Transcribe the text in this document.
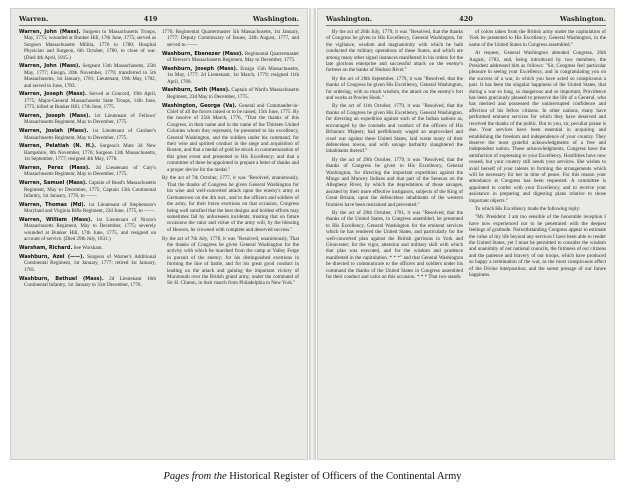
Warren.	419	Washington.

Warren, John (Mass). Surgeon to Massachusetts Troops, May, 1775; wounded at Bunker Hill, 17th June, 1775; served as Surgeon Massachusetts Militia, 1776 to 1780; Hospital Physician and Surgeon, 6th October, 1780, to close of war. (Died 4th April, 1815.)

Warren, John (Mass). Sergeant 13th Massachusetts, 25th May, 1777; Ensign, 20th November, 1779; transferred to 5th Massachusetts, 1st January, 1781; Lieutenant, 19th May, 1782, and served to June, 1783.

Warren, Joseph (Mass). Served at Concord, 19th April, 1775; Major-General Massachusetts State Troops, 14th June, 1775; killed at Bunker Hill, 17th June, 1775.

Warren, Joseph (Mass). 1st Lieutenant of Fellows' Massachusetts Regiment, May to December, 1775.

Warren, Josiah (Mass). 1st Lieutenant of Gardner's Massachusetts Regiment, May to December, 1775.

Warren, Pelatiah (N. H.). Surgeon's Mate 3d New Hampshire, 8th November, 1776; Surgeon 13th Massachusetts, 1st September, 1777; resigned 4th May, 1778.

Warren, Perez (Mass). 2d Lieutenant of Cary's Massachusetts Regiment, May to December, 1775.

Warren, Samuel (Mass). Captain of Read's Massachusetts Regiment, May to December, 1775; Captain 13th Continental Infantry, 1st January, 1776, to ——.

Warren, Thomas (Md). 1st Lieutenant of Stephenson's Maryland and Virginia Rifle Regiment, 22d June, 1775, to ——.

Warren, William (Mass). 1st Lieutenant of Nixon's Massachusetts Regiment, May to December, 1775; severely wounded at Bunker Hill, 17th June, 1775, and resigned on account of service. (Died 29th July, 1831.)

Warsham, Richard. See Worsham.

Washburn, Azel (——). Surgeon of Warner's Additional Continental Regiment, 1st January, 1777; retired 1st January, 1781.

Washburn, Bethuel (Mass). 2d Lieutenant 16th Continental Infantry, 1st January to 31st December, 1776.

1776; Regimental Quartermaster 5th Massachusetts, 1st January, 1777; Deputy Commissary of Issues, 24th August, 1777, and served to ——.

Washburn, Ebenezer (Mass). Regimental Quartermaster of Brewer's Massachusetts Regiment, May to December, 1775.

Washburn, Joseph (Mass). Ensign 15th Massachusetts, 1st May, 1777; 2d Lieutenant, 1st March, 1779; resigned 11th April, 1780.

Washburn, Seth (Mass). Captain of Ward's Massachusetts Regiment, 23d May to December, 1775.

Washington, George (Va). General and Commander-in-Chief of all the forces raised or to be raised, 15th June, 1775. By the resolve of 25th March, 1776, "That the thanks of this Congress, in their name and in the name of the Thirteen United Colonies whom they represent, be presented to his excellency, General Washington, and the soldiers under his command, for their wise and spirited conduct in the siege and acquisition of Boston, and that a medal of gold be struck in commemoration of this great event and presented to His Excellency; and that a committee of three be appointed to prepare a letter of thanks and a proper device for the medal."

By the act of 7th October, 1777, it was "Resolved, unanimously, That the thanks of Congress be given General Washington for his wise and well-concerted attack upon the enemy's army at Germantown on the 4th inst., and to the officers and soldiers of the army, for their brave exertions on that occasion, Congress being well satisfied that the best designs and boldest efforts may sometimes fail by unforeseen incidents; trusting that on future occasions the valor and virtue of the army will, by the blessing of Heaven, be crowned with complete and deserved success."

By the act of 7th July, 1778, it was "Resolved, unanimously, That the thanks of Congress be given General Washington for the activity with which he marched from the camp at Valley Forge in pursuit of the enemy; for his distinguished exertions in forming the line of battle, and for his great good conduct in leading on the attack and gaining the important victory of Monmouth over the British grand army, under the command of Sir H. Clinton, in their march from Philadelphia to New York."

Washington.	420	Washington.

By the act of 26th July, 1779, it was "Resolved, that the thanks of Congress be given to His Excellency, General Washington, for the vigilance, wisdom and magnanimity with which he hath conducted the military operations of these States, and which are among many other signal instances manifested in his orders for the late glorious enterprise and successful attack on the enemy's fortress on the banks of Hudson River."

By the act of 28th September, 1779, it was "Resolved, that the thanks of Congress be given His Excellency, General Washington, for ordering, with so much wisdom, the attack on the enemy's fort and works at Powles Hook."

By the act of 11th October, 1779, it was "Resolved, that the thanks of Congress be given His Excellency, General Washington, for directing an expedition against such of the Indian nations as, encouraged by the counsels and conduct of the officers of His Britannic Majesty, had perfidiously waged an unprovoked and cruel war against these United States, laid waste many of their defenceless towns, and with savage barbarity slaughtered the inhabitants thereof."

By the act of 29th October, 1779, it was "Resolved, that the thanks of Congress be given to His Excellency, General Washington, for directing the important expedition against the Mingo and Muncey Indians and that part of the Senecas on the Allegheny River, by which the depredations of those savages, assisted by their more effective instigators, subjects of the King of Great Britain, upon the defenceless inhabitants of the western frontiers have been restrained and prevented."

By the act of 29th October, 1781, it was "Resolved, that the thanks of the United States, in Congress assembled, be presented to His Excellency, General Washington for the eminent services which he has rendered the United States, and particularly for the well-concerted plan against the British garrisons in York and Gloucester; for the vigor, attention and military skill with which that plan was executed, and for the wisdom and prudence manifested in the capitulation. * * *" and that General Washington be directed to communicate to the officers and soldiers under his command the thanks of the United States in Congress assembled for their conduct and valor on this occasion. * * * That two stands

of colors taken from the British army under the capitulation of York be presented to His Excellency, General Washington, in the name of the United States in Congress assembled."

At request, General Washington attended Congress, 26th August, 1783, and, being introduced by two members, the President addressed him as follows: "Sir, Congress feel particular pleasure in seeing your Excellency, and in congratulating you on the success of a war, in which you have acted so conspicuous a part. It has been the singular happiness of the United States, that during a war so long, so dangerous and so important, Providence has been graciously pleased to preserve the life of a General, who has merited and possessed the uninterrupted confidence and affection of his fellow citizens. In other nations, many have performed eminent services for which they have deserved and received the thanks of the public. But to you, sir, peculiar praise is due. Your services have been essential in acquiring and establishing the freedom and independence of your country. They deserve the most grateful acknowledgments of a free and independent nation. Those acknowledgments, Congress have the satisfaction of expressing to your Excellency. Hostilities have now ceased, but your country still needs your services. She wishes to avail herself of your talents in forming the arrangements which will be necessary for her in time of peace. For this reason your attendance at Congress has been requested. A committee is appointed to confer with your Excellency, and to receive your assistance in preparing and digesting plans relative to those important objects."

To which His Excellency made the following reply:

"Mr. President: I am too sensible of the honorable reception I have now experienced not to be penetrated with the deepest feelings of gratitude. Notwithstanding Congress appear to estimate the value of my life beyond any services I have been able to render the United States, yet I must be permitted to consider the wisdom and unanimity of our national councils, the firmness of our citizens and the patience and bravery of our troops, which have produced so happy a termination of the war, as the most conspicuous effect of the Divine interposition, and the surest presage of our future happiness.

Pages from the Historical Register of Officers of the Continental Army
